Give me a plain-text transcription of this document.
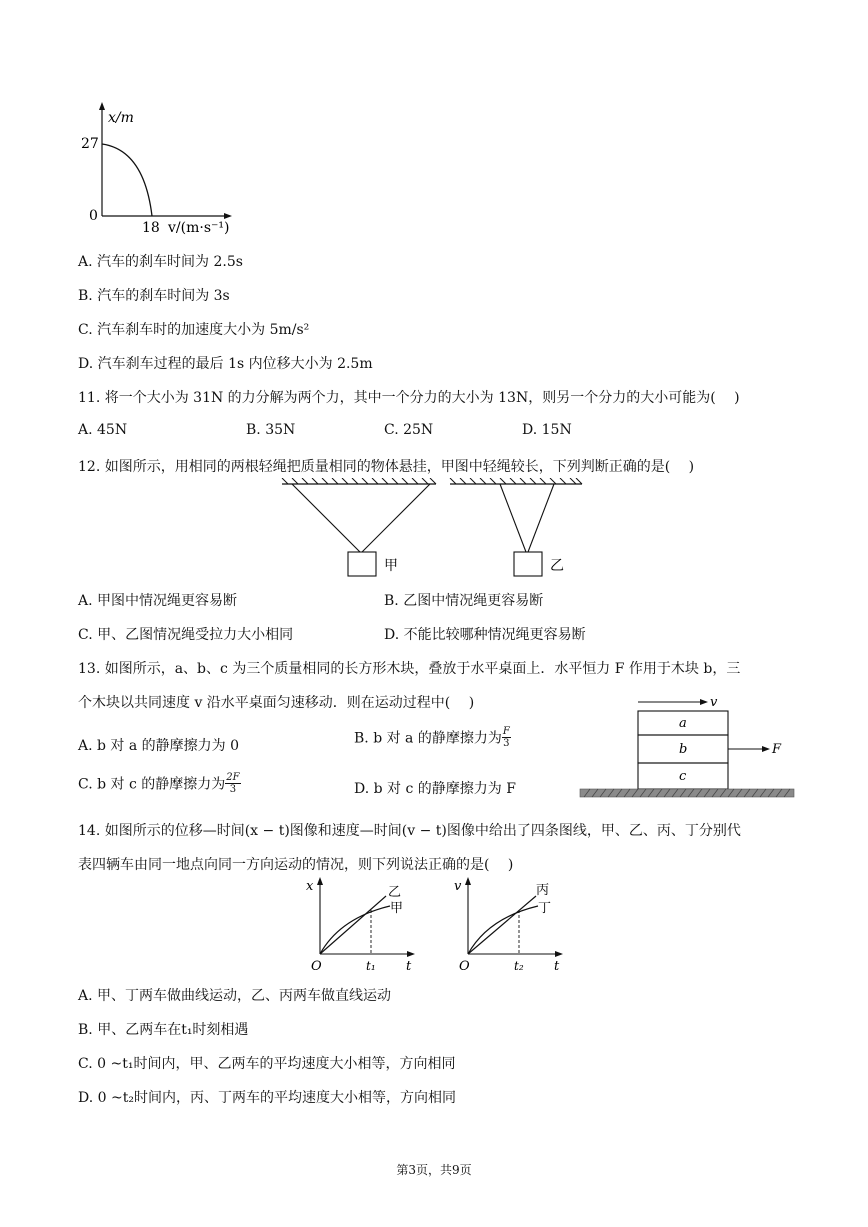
x/m
27
0
18 v/(m·s⁻¹)
A. 汽车的刹车时间为 2.5s
B. 汽车的刹车时间为 3s
C. 汽车刹车时的加速度大小为 5m/s²
D. 汽车刹车过程的最后 1s 内位移大小为 2.5m
11. 将一个大小为 31N 的力分解为两个力，其中一个分力的大小为 13N，则另一个分力的大小可能为(　 )
A. 45N	B. 35N	C. 25N	D. 15N
12. 如图所示，用相同的两根轻绳把质量相同的物体悬挂，甲图中轻绳较长，下列判断正确的是(　 )
甲	乙
A. 甲图中情况绳更容易断	B. 乙图中情况绳更容易断
C. 甲、乙图情况绳受拉力大小相同	D. 不能比较哪种情况绳更容易断
13. 如图所示，a、b、c 为三个质量相同的长方形木块，叠放于水平桌面上．水平恒力 F 作用于木块 b，三
个木块以共同速度 v 沿水平桌面匀速移动．则在运动过程中(　 )
A. b 对 a 的静摩擦力为 0	B. b 对 a 的静摩擦力为 $\frac{F}{3}$
C. b 对 c 的静摩擦力为 $\frac{2F}{3}$	D. b 对 c 的静摩擦力为 F
v
a
b
c
F
14. 如图所示的位移—时间(x − t)图像和速度—时间(v − t)图像中给出了四条图线，甲、乙、丙、丁分别代
表四辆车由同一地点向同一方向运动的情况，则下列说法正确的是(　 )
x
t
O	t₁
乙
甲
v
t
O	t₂
丙
丁
A. 甲、丁两车做曲线运动，乙、丙两车做直线运动
B. 甲、乙两车在t₁时刻相遇
C. 0 ~t₁时间内，甲、乙两车的平均速度大小相等，方向相同
D. 0 ~t₂时间内，丙、丁两车的平均速度大小相等，方向相同
第3页，共9页
